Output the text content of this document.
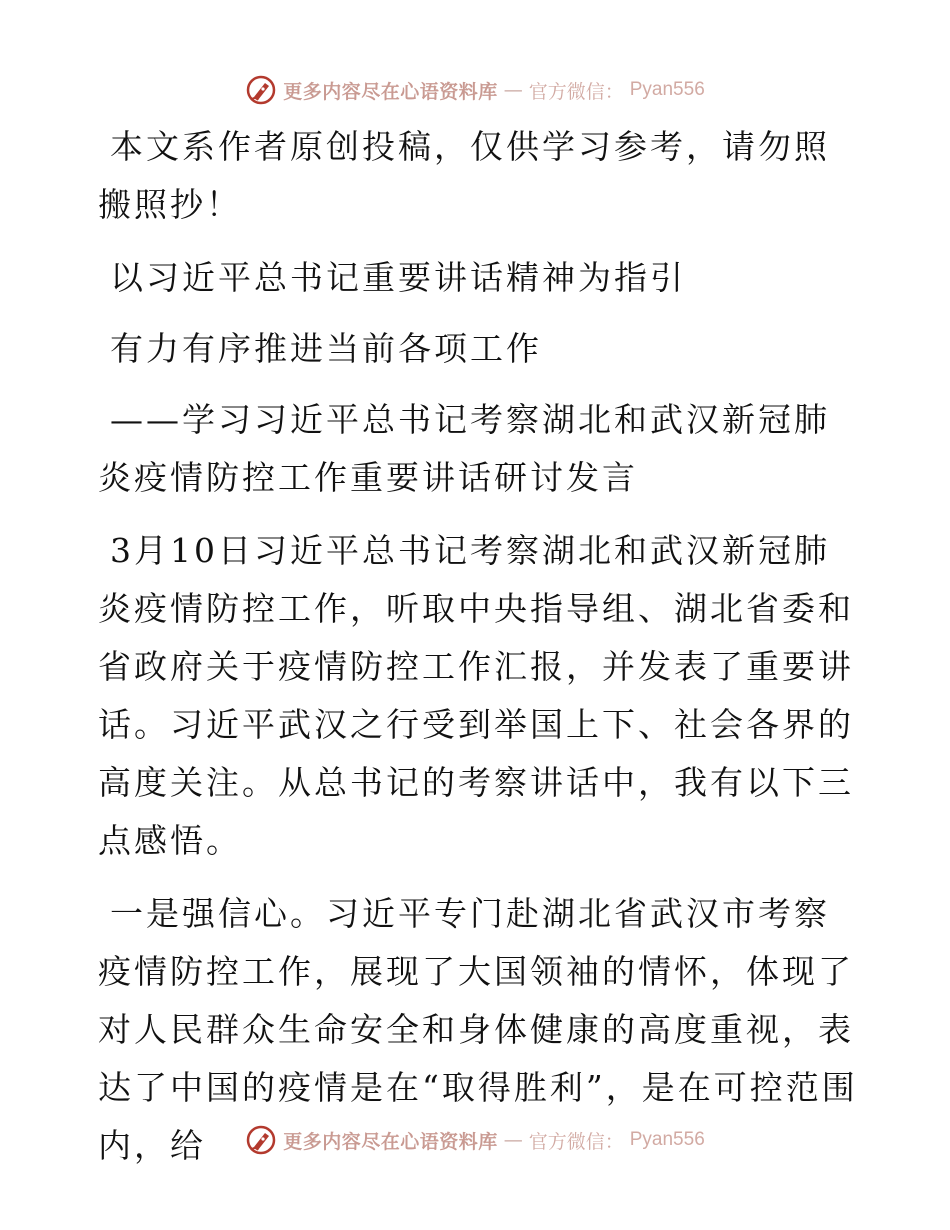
更多内容尽在心语资料库 — 官方微信： Pyan556

本文系作者原创投稿，仅供学习参考，请勿照搬照抄！

以习近平总书记重要讲话精神为指引

有力有序推进当前各项工作

——学习习近平总书记考察湖北和武汉新冠肺炎疫情防控工作重要讲话研讨发言

3月10日习近平总书记考察湖北和武汉新冠肺炎疫情防控工作，听取中央指导组、湖北省委和省政府关于疫情防控工作汇报，并发表了重要讲话。习近平武汉之行受到举国上下、社会各界的高度关注。从总书记的考察讲话中，我有以下三点感悟。

一是强信心。习近平专门赴湖北省武汉市考察疫情防控工作，展现了大国领袖的情怀，体现了对人民群众生命安全和身体健康的高度重视，表达了中国的疫情是在“取得胜利”，是在可控范围内，给	更多内容尽在心语资料库 — 官方微信： Pyan556
